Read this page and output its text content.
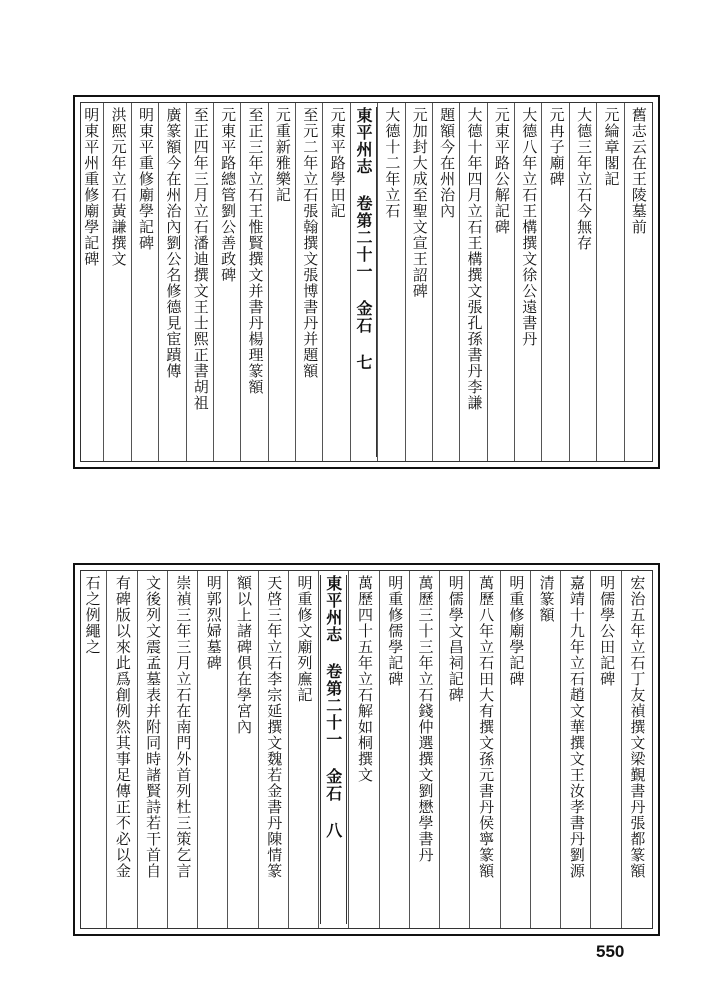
舊志云在王陵墓前
元綸章閣記
大德三年立石今無存
元冉子廟碑
大德八年立石王構撰文徐公遠書丹
元東平路公解記碑
大德十年四月立石王構撰文張孔孫書丹李謙
題額今在州治內
元加封大成至聖文宣王詔碑
大德十二年立石
東平州志 卷第二十一 金石 七
元東平路學田記
至元二年立石張翰撰文張博書丹并題額
元重新雅樂記
至正三年立石王惟賢撰文并書丹楊理篆額
元東平路總管劉公善政碑
至正四年三月立石潘迪撰文王士熙正書胡祖
廣篆額今在州治內劉公名修德見宦蹟傳
明東平重修廟學記碑
洪熙元年立石黃謙撰文
明東平州重修廟學記碑
宏治五年立石丁友禎撰文梁覲書丹張都篆額
明儒學公田記碑
嘉靖十九年立石趙文華撰文王汝孝書丹劉源
清篆額
明重修廟學記碑
萬歷八年立石田大有撰文孫元書丹侯寧篆額
明儒學文昌祠記碑
萬歷三十三年立石錢仲選撰文劉懋學書丹
明重修儒學記碑
萬歷四十五年立石解如桐撰文
東平州志 卷第二十一 金石 八
明重修文廟列廡記
天啓三年立石李宗延撰文魏若金書丹陳情篆
額以上諸碑俱在學宮內
明郭烈婦墓碑
崇禎三年三月立石在南門外首列杜三策乞言
文後列文震孟墓表并附同時諸賢詩若干首自
有碑版以來此爲創例然其事足傳正不必以金
石之例繩之
550
